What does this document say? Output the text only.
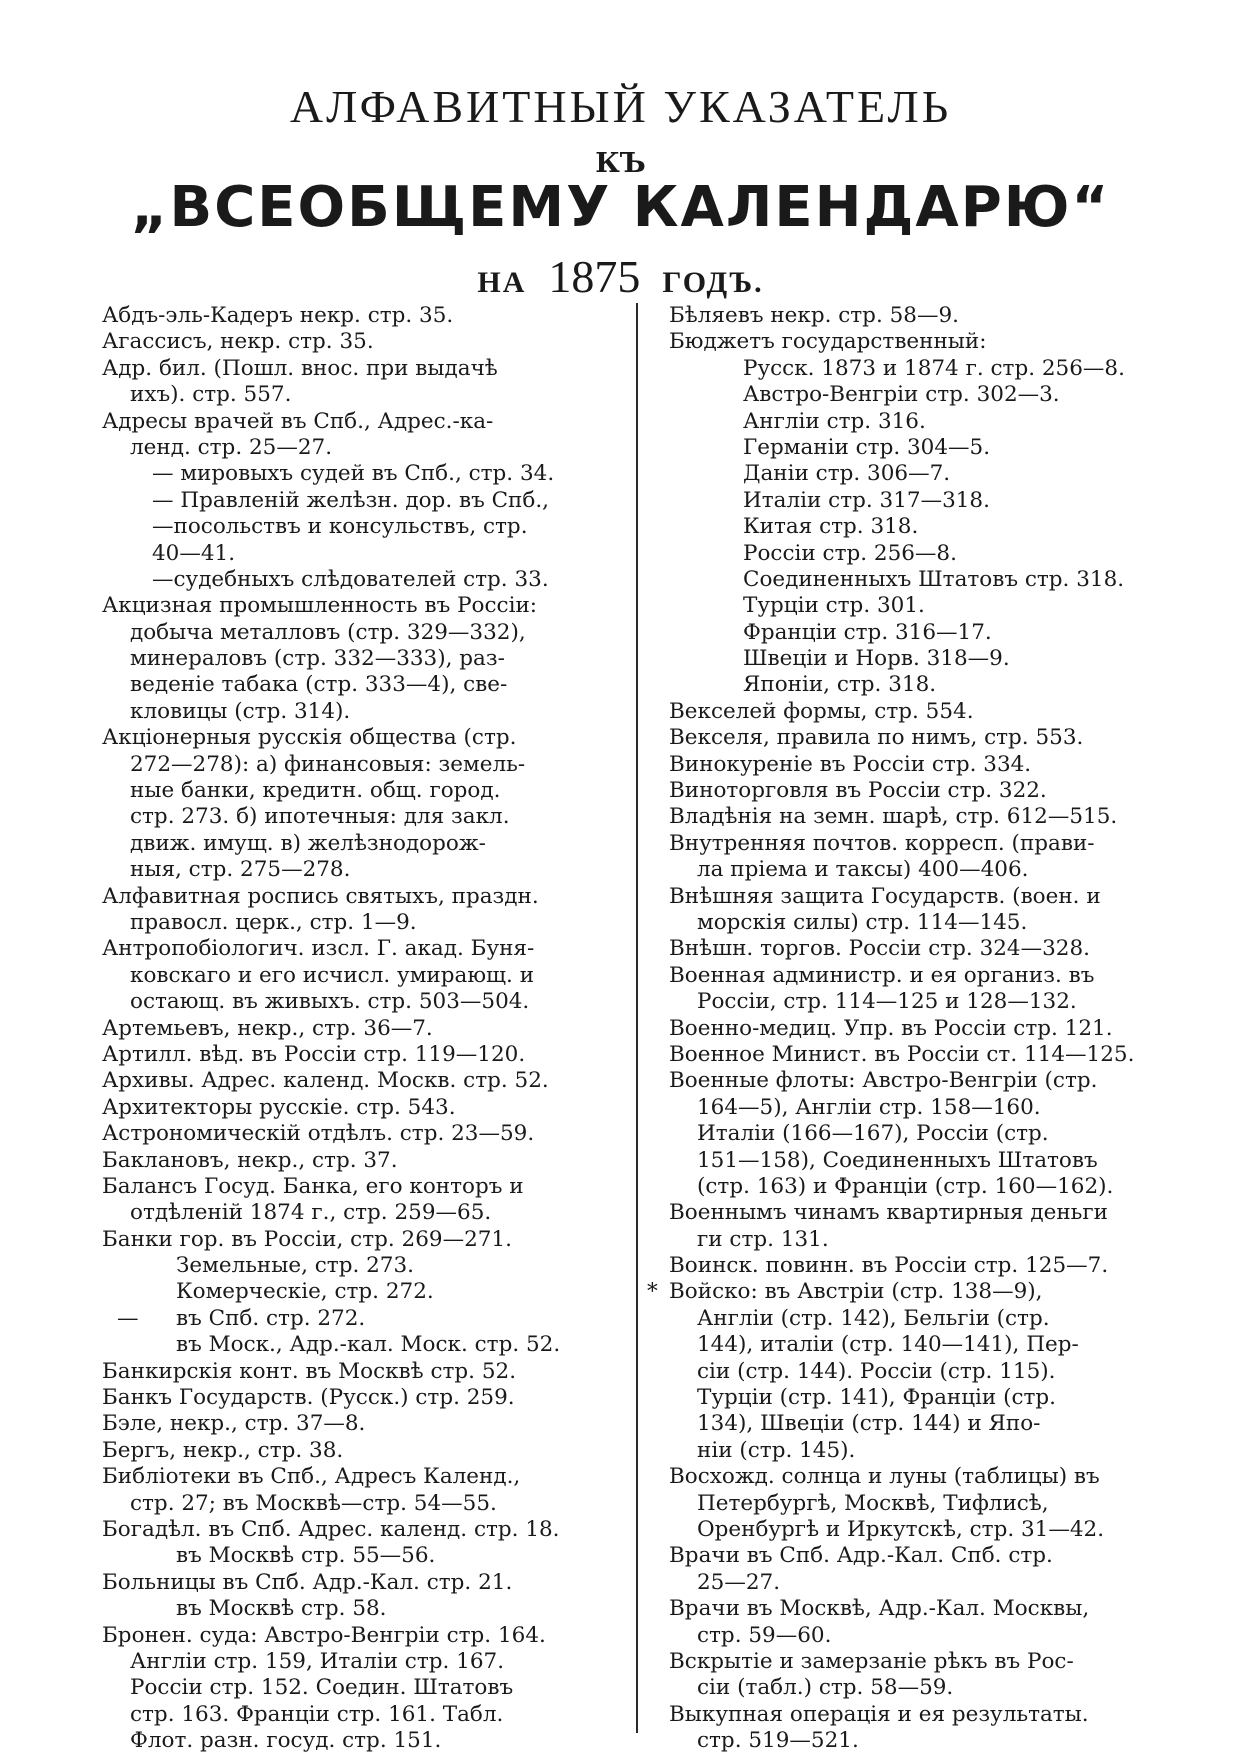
АЛФАВИТНЫЙ УКАЗАТЕЛЬ
КЪ
„ВСЕОБЩЕМУ КАЛЕНДАРЮ“
НА 1875 ГОДЪ.
Абдъ-эль-Кадеръ некр. стр. 35.
Агассисъ, некр. стр. 35.
Адр. бил. (Пошл. внос. при выдачѣ
ихъ). стр. 557.
Адресы врачей въ Спб., Адрес.-ка-
ленд. стр. 25—27.
— мировыхъ судей въ Спб., стр. 34.
— Правленій желѣзн. дор. въ Спб.,
—посольствъ и консульствъ, стр.
40—41.
—судебныхъ слѣдователей стр. 33.
Акцизная промышленность въ Россіи:
добыча металловъ (стр. 329—332),
минераловъ (стр. 332—333), раз-
веденіе табака (стр. 333—4), све-
кловицы (стр. 314).
Акціонерныя русскія общества (стр.
272—278): а) финансовыя: земель-
ные банки, кредитн. общ. город.
стр. 273. б) ипотечныя: для закл.
движ. имущ. в) желѣзнодорож-
ныя, стр. 275—278.
Алфавитная роспись святыхъ, праздн.
правосл. церк., стр. 1—9.
Антропобіологич. изсл. Г. акад. Буня-
ковскаго и его исчисл. умирающ. и
остающ. въ живыхъ. стр. 503—504.
Артемьевъ, некр., стр. 36—7.
Артилл. вѣд. въ Россіи стр. 119—120.
Архивы. Адрес. календ. Москв. стр. 52.
Архитекторы русскіе. стр. 543.
Астрономическій отдѣлъ. стр. 23—59.
Баклановъ, некр., стр. 37.
Балансъ Госуд. Банка, его конторъ и
отдѣленій 1874 г., стр. 259—65.
Банки гор. въ Россіи, стр. 269—271.
Земельные, стр. 273.
Комерческіе, стр. 272.
— въ Спб. стр. 272.
въ Моск., Адр.-кал. Моск. стр. 52.
Банкирскія конт. въ Москвѣ стр. 52.
Банкъ Государств. (Русск.) стр. 259.
Бэле, некр., стр. 37—8.
Бергъ, некр., стр. 38.
Библіотеки въ Спб., Адресъ Календ.,
стр. 27; въ Москвѣ—стр. 54—55.
Богадѣл. въ Спб. Адрес. календ. стр. 18.
въ Москвѣ стр. 55—56.
Больницы въ Спб. Адр.-Кал. стр. 21.
въ Москвѣ стр. 58.
Бронен. суда: Австро-Венгріи стр. 164.
Англіи стр. 159, Италіи стр. 167.
Россіи стр. 152. Соедин. Штатовъ
стр. 163. Франціи стр. 161. Табл.
Флот. разн. госуд. стр. 151.
Бѣляевъ некр. стр. 58—9.
Бюджетъ государственный:
Русск. 1873 и 1874 г. стр. 256—8.
Австро-Венгріи стр. 302—3.
Англіи стр. 316.
Германіи стр. 304—5.
Даніи стр. 306—7.
Италіи стр. 317—318.
Китая стр. 318.
Россіи стр. 256—8.
Соединенныхъ Штатовъ стр. 318.
Турціи стр. 301.
Франціи стр. 316—17.
Швеціи и Норв. 318—9.
Японіи, стр. 318.
Векселей формы, стр. 554.
Векселя, правила по нимъ, стр. 553.
Винокуреніе въ Россіи стр. 334.
Виноторговля въ Россіи стр. 322.
Владѣнія на земн. шарѣ, стр. 612—515.
Внутренняя почтов. корресп. (прави-
ла пріема и таксы) 400—406.
Внѣшняя защита Государств. (воен. и
морскія силы) стр. 114—145.
Внѣшн. торгов. Россіи стр. 324—328.
Военная администр. и ея организ. въ
Россіи, стр. 114—125 и 128—132.
Военно-медиц. Упр. въ Россіи стр. 121.
Военное Минист. въ Россіи ст. 114—125.
Военные флоты: Австро-Венгріи (стр.
164—5), Англіи стр. 158—160.
Италіи (166—167), Россіи (стр.
151—158), Соединенныхъ Штатовъ
(стр. 163) и Франціи (стр. 160—162).
Военнымъ чинамъ квартирныя деньги
ги стр. 131.
Воинск. повинн. въ Россіи стр. 125—7.
* Войско: въ Австріи (стр. 138—9),
Англіи (стр. 142), Бельгіи (стр.
144), италіи (стр. 140—141), Пер-
сіи (стр. 144). Россіи (стр. 115).
Турціи (стр. 141), Франціи (стр.
134), Швеціи (стр. 144) и Япо-
ніи (стр. 145).
Восхожд. солнца и луны (таблицы) въ
Петербургѣ, Москвѣ, Тифлисѣ,
Оренбургѣ и Иркутскѣ, стр. 31—42.
Врачи въ Спб. Адр.-Кал. Спб. стр.
25—27.
Врачи въ Москвѣ, Адр.-Кал. Москвы,
стр. 59—60.
Вскрытіе и замерзаніе рѣкъ въ Рос-
сіи (табл.) стр. 58—59.
Выкупная операція и ея результаты.
стр. 519—521.
